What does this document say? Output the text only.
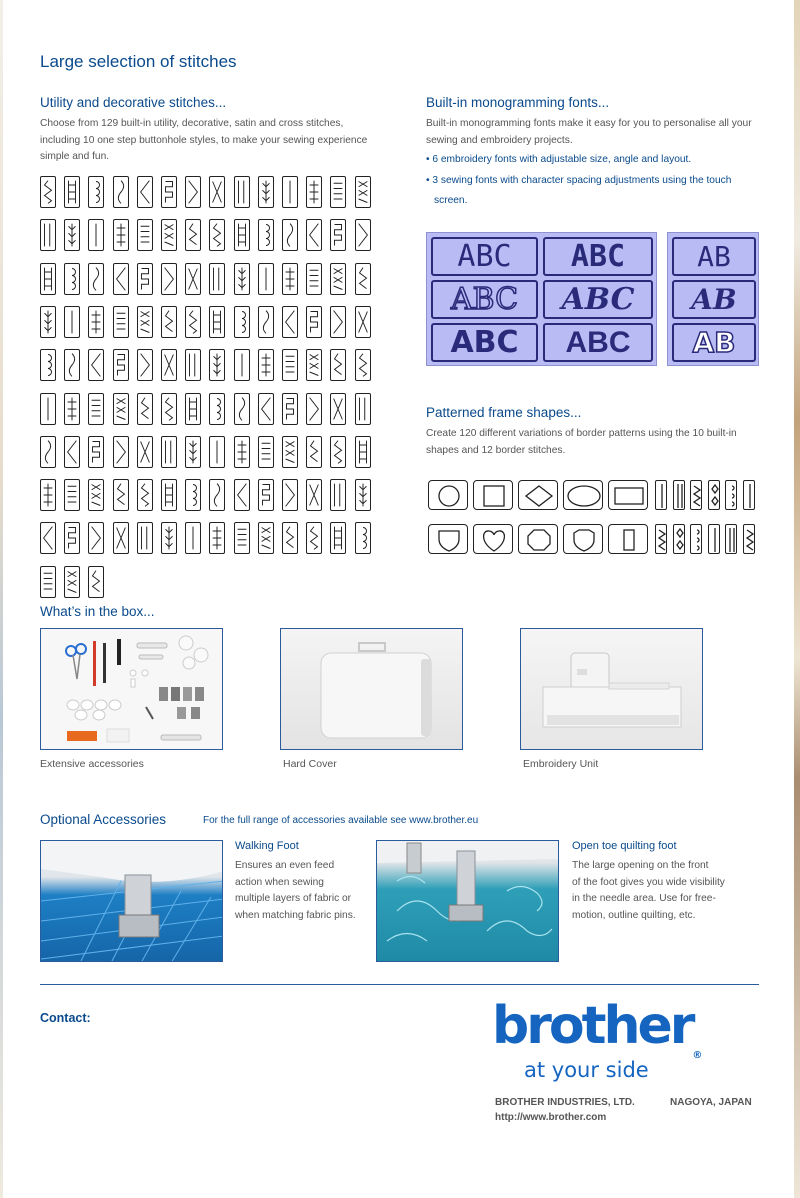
Large selection of stitches
Utility and decorative stitches...
Choose from 129 built-in utility, decorative, satin and cross stitches, including 10 one step buttonhole styles, to make your sewing experience simple and fun.
Built-in monogramming fonts...
Built-in monogramming fonts make it easy for you to personalise all your sewing and embroidery projects.
• 6 embroidery fonts with adjustable size, angle and layout.
• 3 sewing fonts with character spacing adjustments using the touch
screen.
ABC	ABC
ABC	ABC
ABC	ABC
AB
AB
AB
Patterned frame shapes...
Create 120 different variations of border patterns using the 10 built-in shapes and 12 border stitches.
What’s in the box...
Extensive accessories	Hard Cover	Embroidery Unit
Optional Accessories	For the full range of accessories available see www.brother.eu
Walking Foot
Ensures an even feed
action when sewing
multiple layers of fabric or
when matching fabric pins.
Open toe quilting foot
The large opening on the front
of the foot gives you wide visibility
in the needle area. Use for free-
motion, outline quilting, etc.
Contact:	brother®
at your side
BROTHER INDUSTRIES, LTD.	NAGOYA, JAPAN
http://www.brother.com
